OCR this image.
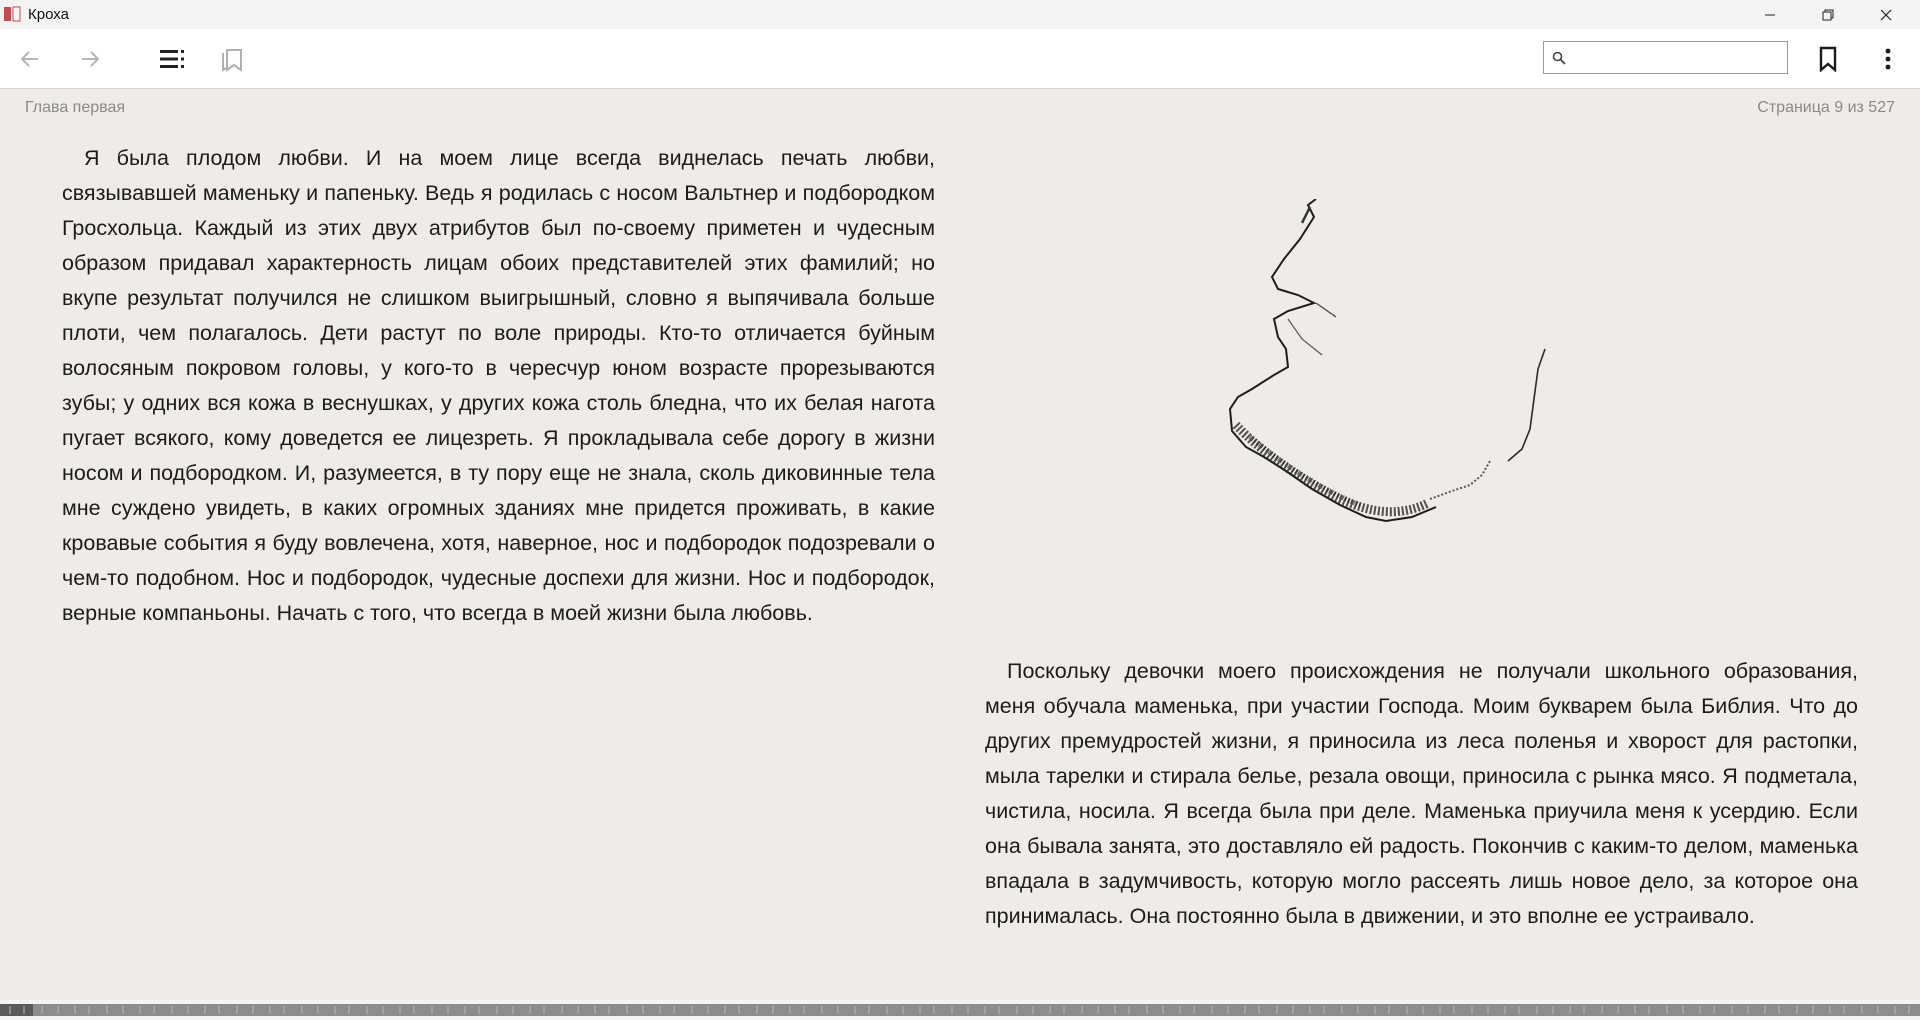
Кроха
Глава первая	Страница 9 из 527

Я была плодом любви. И на моем лице всегда виднелась печать любви, связывавшей маменьку и папеньку. Ведь я родилась с носом Вальтнер и подбородком Гросхольца. Каждый из этих двух атрибутов был по-своему приметен и чудесным образом придавал характерность лицам обоих представителей этих фамилий; но вкупе результат получился не слишком выигрышный, словно я выпячивала больше плоти, чем полагалось. Дети растут по воле природы. Кто-то отличается буйным волосяным покровом головы, у кого-то в чересчур юном возрасте прорезываются зубы; у одних вся кожа в веснушках, у других кожа столь бледна, что их белая нагота пугает всякого, кому доведется ее лицезреть. Я прокладывала себе дорогу в жизни носом и подбородком. И, разумеется, в ту пору еще не знала, сколь диковинные тела мне суждено увидеть, в каких огромных зданиях мне придется проживать, в какие кровавые события я буду вовлечена, хотя, наверное, нос и подбородок подозревали о чем-то подобном. Нос и подбородок, чудесные доспехи для жизни. Нос и подбородок, верные компаньоны. Начать с того, что всегда в моей жизни была любовь.

Поскольку девочки моего происхождения не получали школьного образования, меня обучала маменька, при участии Господа. Моим букварем была Библия. Что до других премудростей жизни, я приносила из леса поленья и хворост для растопки, мыла тарелки и стирала белье, резала овощи, приносила с рынка мясо. Я подметала, чистила, носила. Я всегда была при деле. Маменька приучила меня к усердию. Если она бывала занята, это доставляло ей радость. Покончив с каким-то делом, маменька впадала в задумчивость, которую могло рассеять лишь новое дело, за которое она принималась. Она постоянно была в движении, и это вполне ее устраивало.
